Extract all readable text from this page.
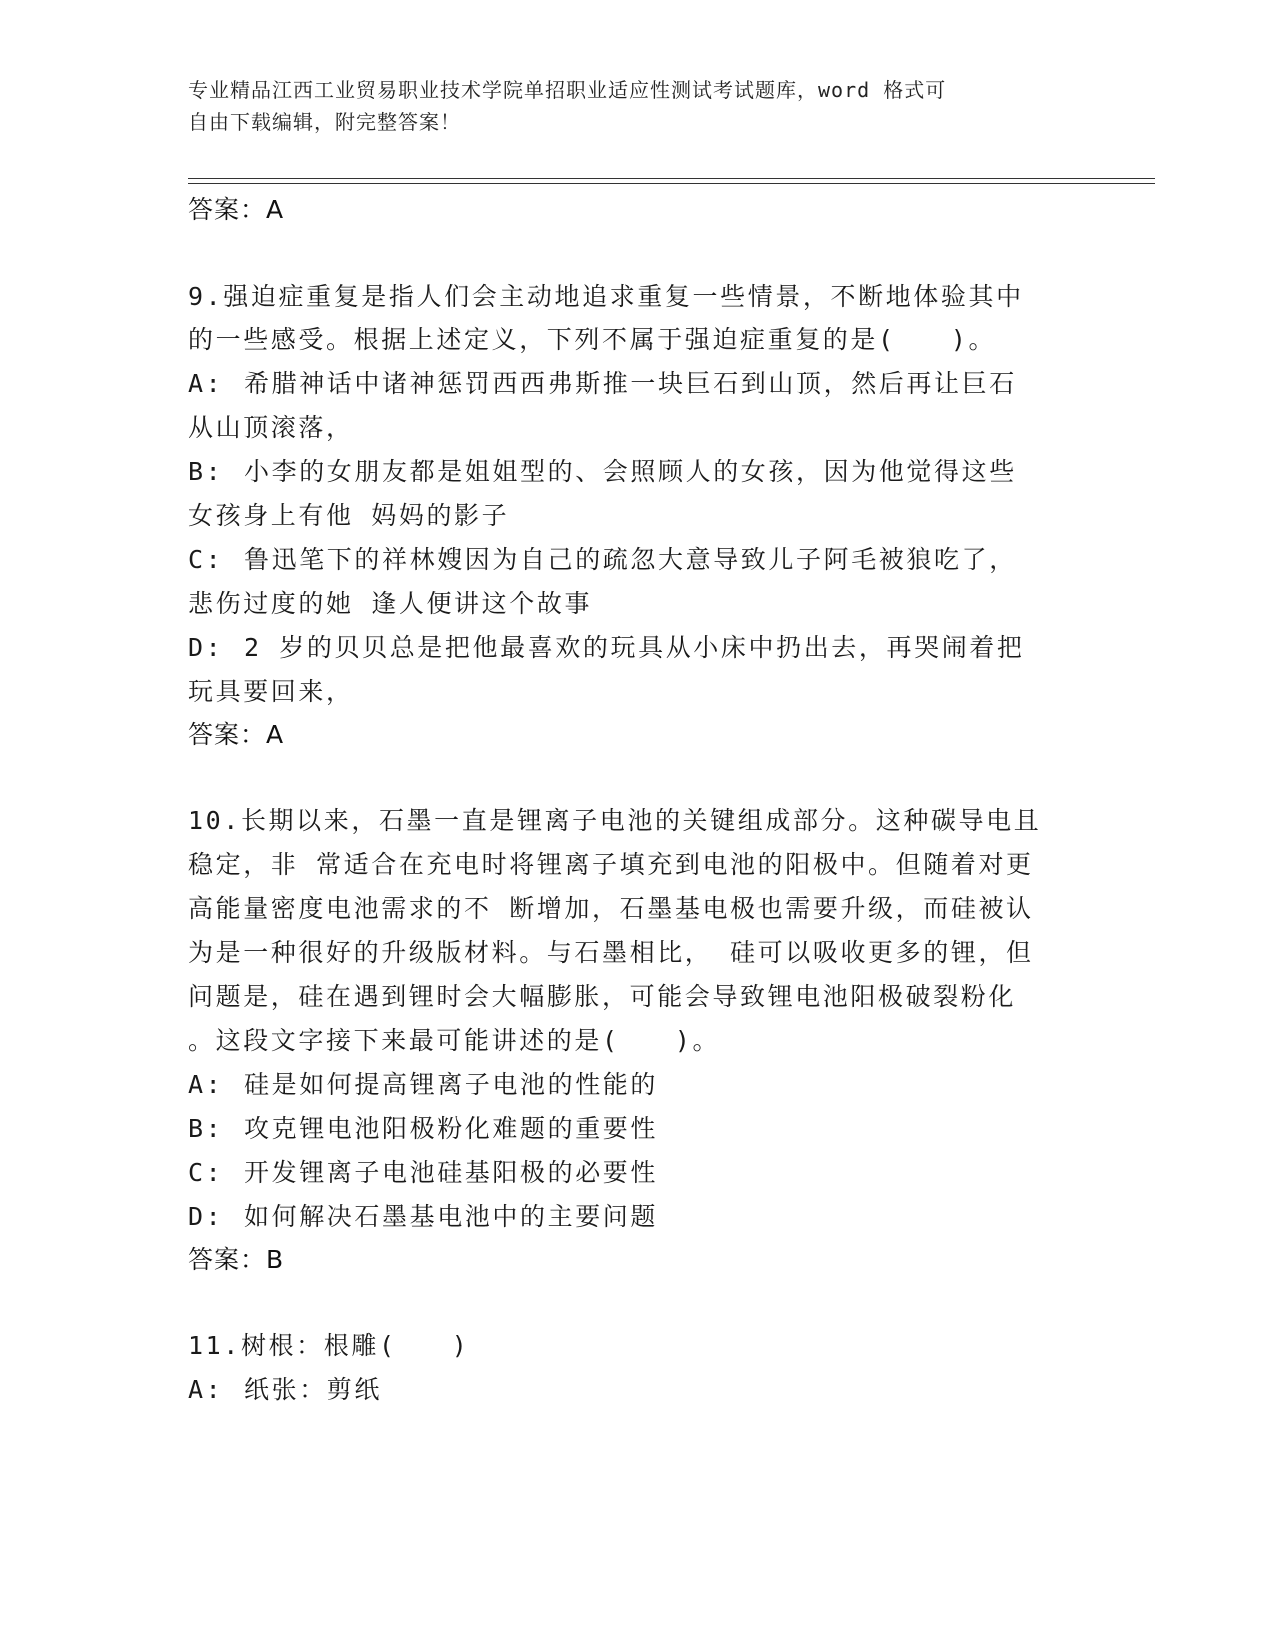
专业精品江西工业贸易职业技术学院单招职业适应性测试考试题库，word 格式可
自由下载编辑，附完整答案！
答案：A
9.强迫症重复是指人们会主动地追求重复一些情景，不断地体验其中
的一些感受。根据上述定义，下列不属于强迫症重复的是(　　)。
A: 希腊神话中诸神惩罚西西弗斯推一块巨石到山顶，然后再让巨石
从山顶滚落，
B: 小李的女朋友都是姐姐型的、会照顾人的女孩，因为他觉得这些
女孩身上有他 妈妈的影子
C: 鲁迅笔下的祥林嫂因为自己的疏忽大意导致儿子阿毛被狼吃了，
悲伤过度的她 逢人便讲这个故事
D: 2 岁的贝贝总是把他最喜欢的玩具从小床中扔出去，再哭闹着把
玩具要回来，
答案：A
10.长期以来，石墨一直是锂离子电池的关键组成部分。这种碳导电且
稳定，非 常适合在充电时将锂离子填充到电池的阳极中。但随着对更
高能量密度电池需求的不 断增加，石墨基电极也需要升级，而硅被认
为是一种很好的升级版材料。与石墨相比， 硅可以吸收更多的锂，但
问题是，硅在遇到锂时会大幅膨胀，可能会导致锂电池阳极破裂粉化
。这段文字接下来最可能讲述的是(　　)。
A: 硅是如何提高锂离子电池的性能的
B: 攻克锂电池阳极粉化难题的重要性
C: 开发锂离子电池硅基阳极的必要性
D: 如何解决石墨基电池中的主要问题
答案：B
11.树根：根雕(　　)
A: 纸张：剪纸
